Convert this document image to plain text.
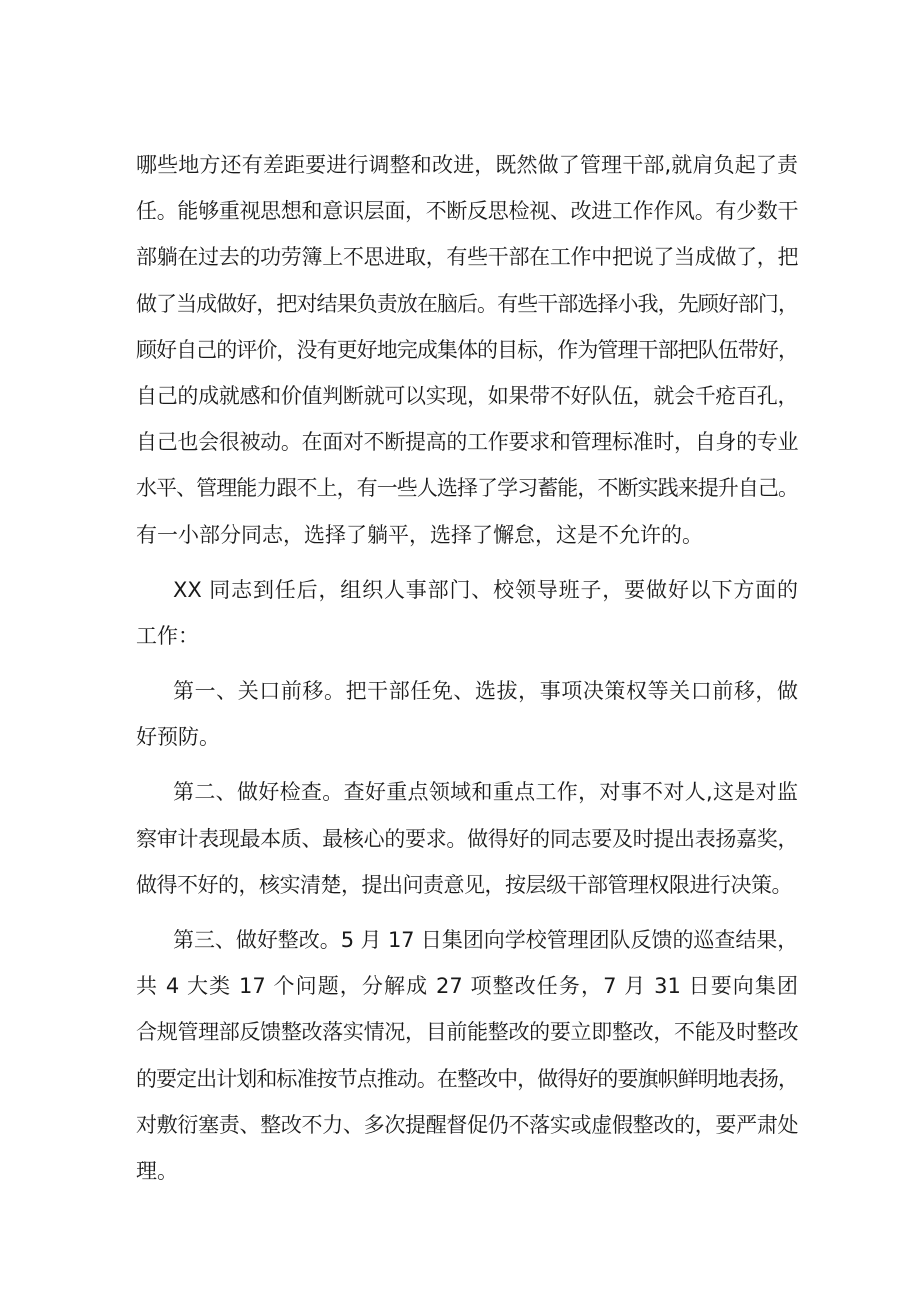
哪些地方还有差距要进行调整和改进，既然做了管理干部,就肩负起了责
任。能够重视思想和意识层面，不断反思检视、改进工作作风。有少数干
部躺在过去的功劳簿上不思进取，有些干部在工作中把说了当成做了，把
做了当成做好，把对结果负责放在脑后。有些干部选择小我，先顾好部门，
顾好自己的评价，没有更好地完成集体的目标，作为管理干部把队伍带好，
自己的成就感和价值判断就可以实现，如果带不好队伍，就会千疮百孔，
自己也会很被动。在面对不断提高的工作要求和管理标准时，自身的专业
水平、管理能力跟不上，有一些人选择了学习蓄能，不断实践来提升自己。
有一小部分同志，选择了躺平，选择了懈怠，这是不允许的。
XX 同志到任后，组织人事部门、校领导班子，要做好以下方面的
工作：
第一、关口前移。把干部任免、选拔，事项决策权等关口前移，做
好预防。
第二、做好检查。查好重点领域和重点工作，对事不对人,这是对监
察审计表现最本质、最核心的要求。做得好的同志要及时提出表扬嘉奖，
做得不好的，核实清楚，提出问责意见，按层级干部管理权限进行决策。
第三、做好整改。5 月 17 日集团向学校管理团队反馈的巡查结果，
共 4 大类 17 个问题，分解成 27 项整改任务，7 月 31 日要向集团
合规管理部反馈整改落实情况，目前能整改的要立即整改，不能及时整改
的要定出计划和标准按节点推动。在整改中，做得好的要旗帜鲜明地表扬，
对敷衍塞责、整改不力、多次提醒督促仍不落实或虚假整改的，要严肃处
理。
